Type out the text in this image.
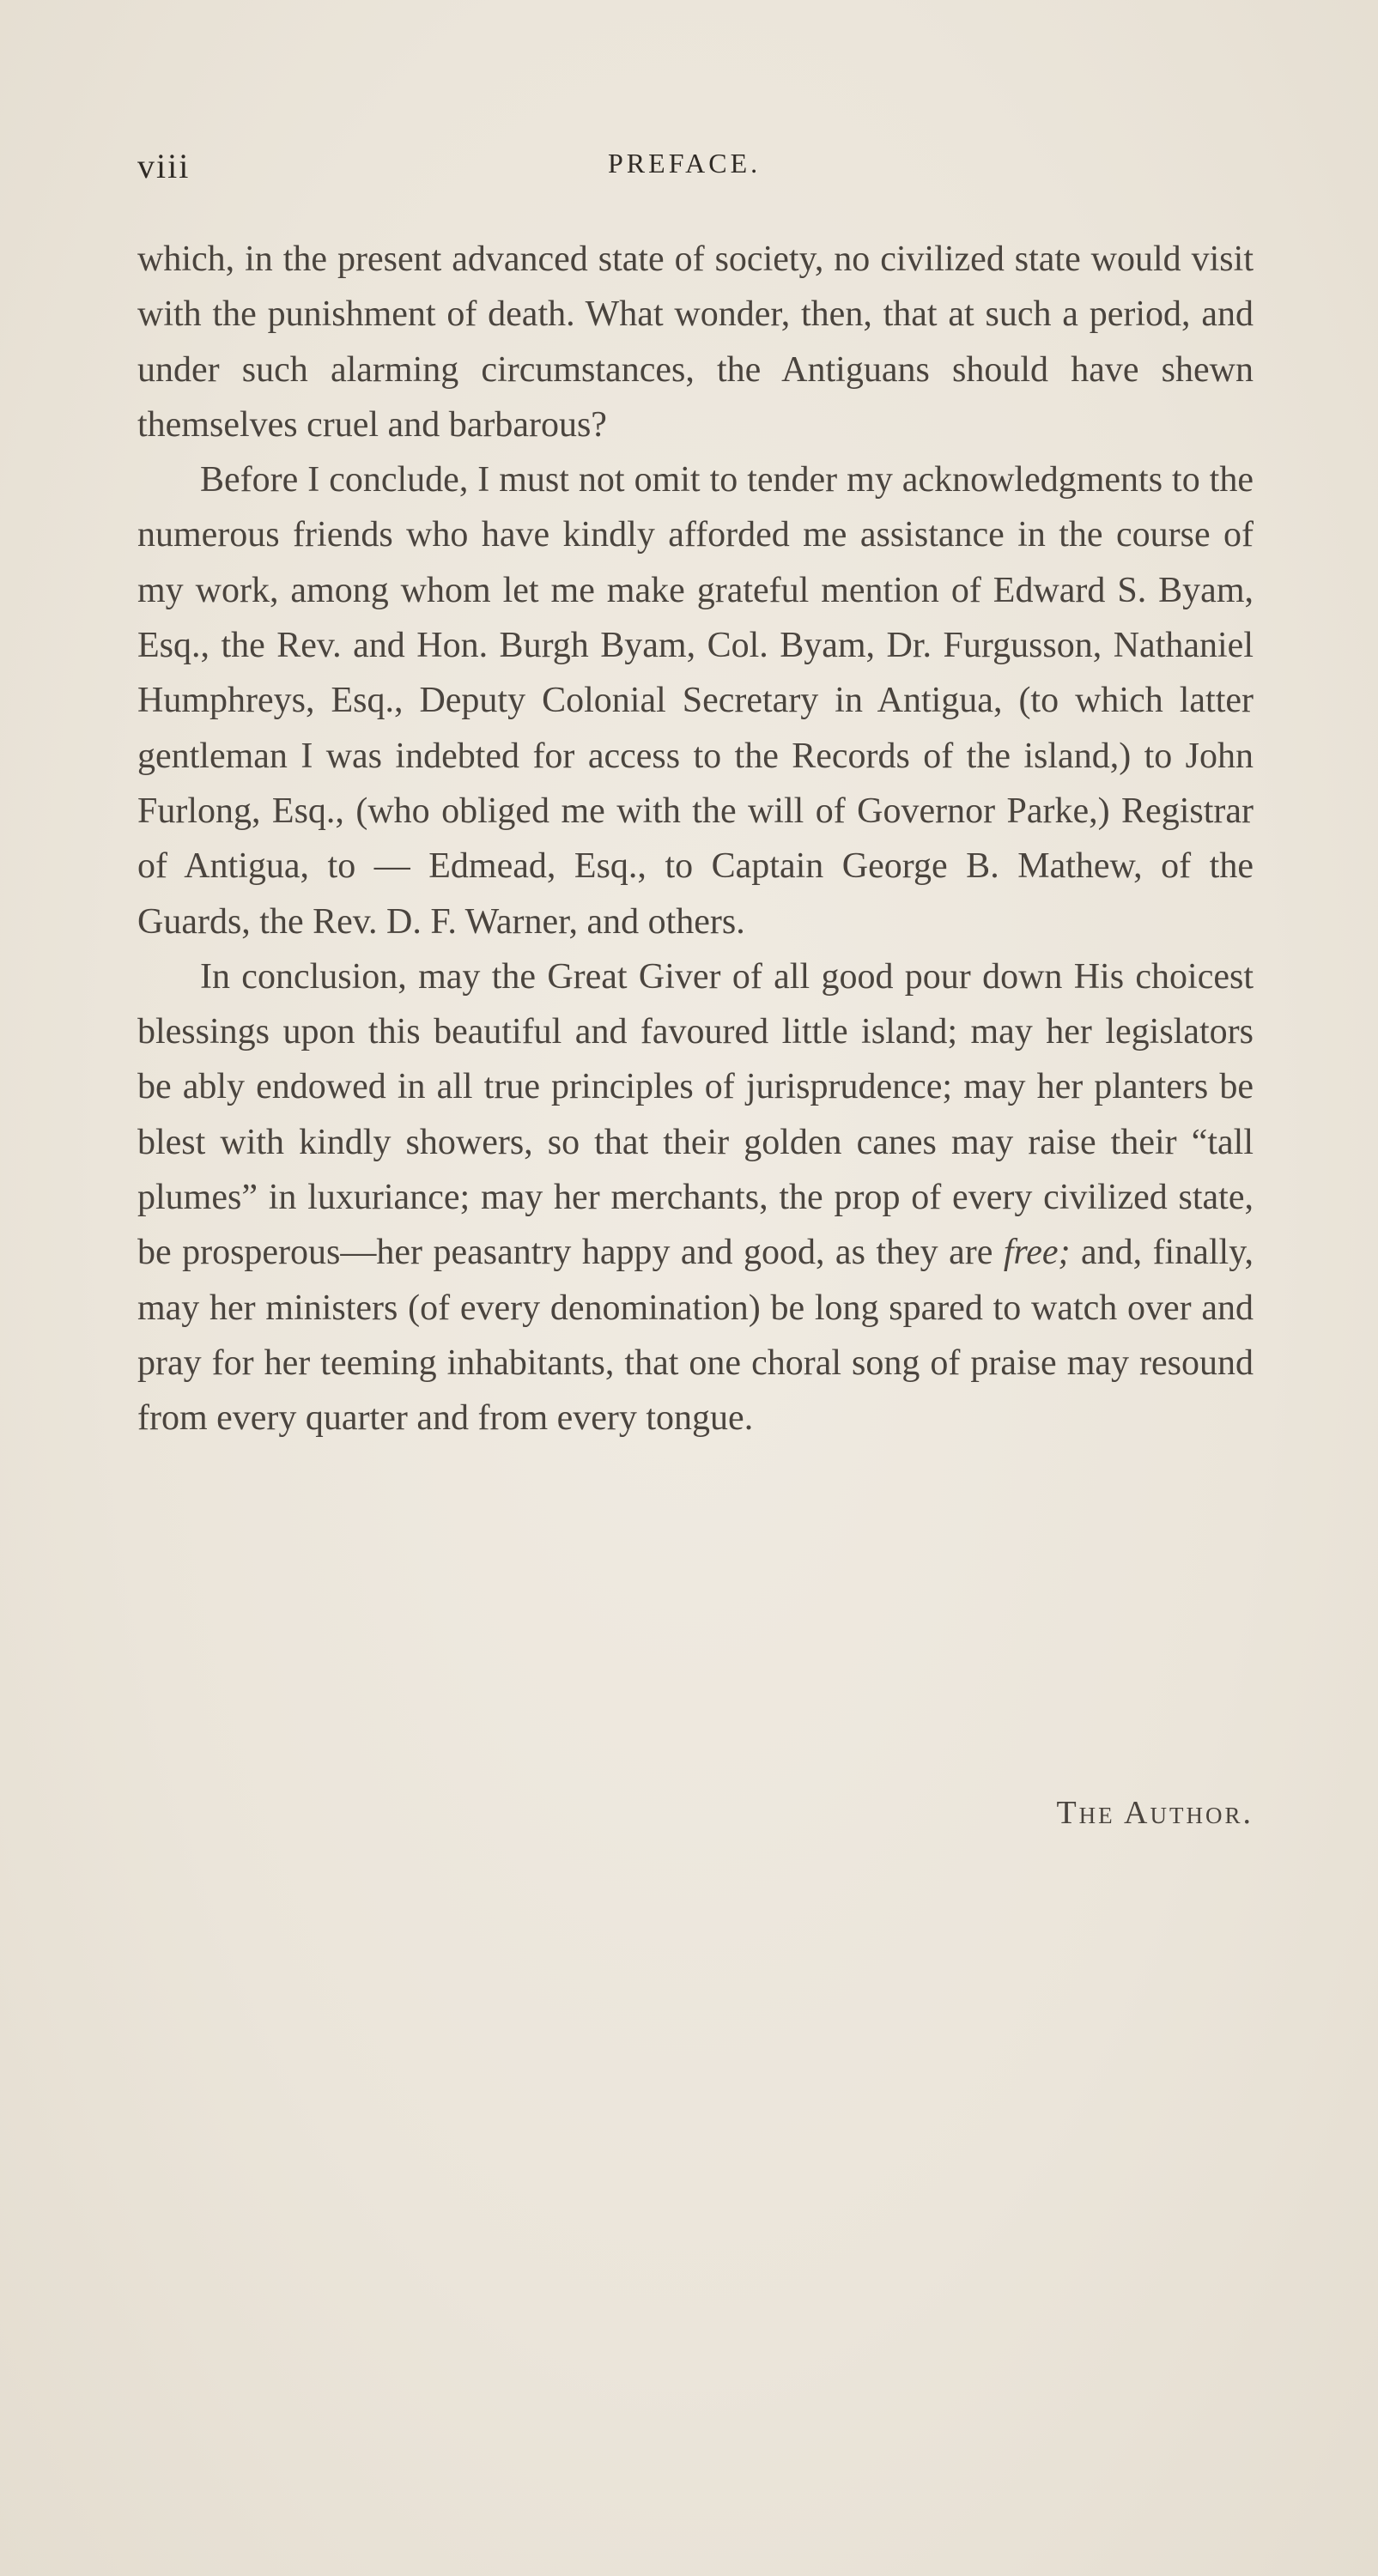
viii	PREFACE.

which, in the present advanced state of society, no civilized state would visit with the punishment of death. What wonder, then, that at such a period, and under such alarming circumstances, the Antiguans should have shewn themselves cruel and barbarous?

Before I conclude, I must not omit to tender my acknowledgments to the numerous friends who have kindly afforded me assistance in the course of my work, among whom let me make grateful mention of Edward S. Byam, Esq., the Rev. and Hon. Burgh Byam, Col. Byam, Dr. Furgusson, Nathaniel Humphreys, Esq., Deputy Colonial Secretary in Antigua, (to which latter gentleman I was indebted for access to the Records of the island,) to John Furlong, Esq., (who obliged me with the will of Governor Parke,) Registrar of Antigua, to — Edmead, Esq., to Captain George B. Mathew, of the Guards, the Rev. D. F. Warner, and others.

In conclusion, may the Great Giver of all good pour down His choicest blessings upon this beautiful and favoured little island; may her legislators be ably endowed in all true principles of jurisprudence; may her planters be blest with kindly showers, so that their golden canes may raise their “tall plumes” in luxuriance; may her merchants, the prop of every civilized state, be prosperous—her peasantry happy and good, as they are free; and, finally, may her ministers (of every denomination) be long spared to watch over and pray for her teeming inhabitants, that one choral song of praise may resound from every quarter and from every tongue.

The Author.
